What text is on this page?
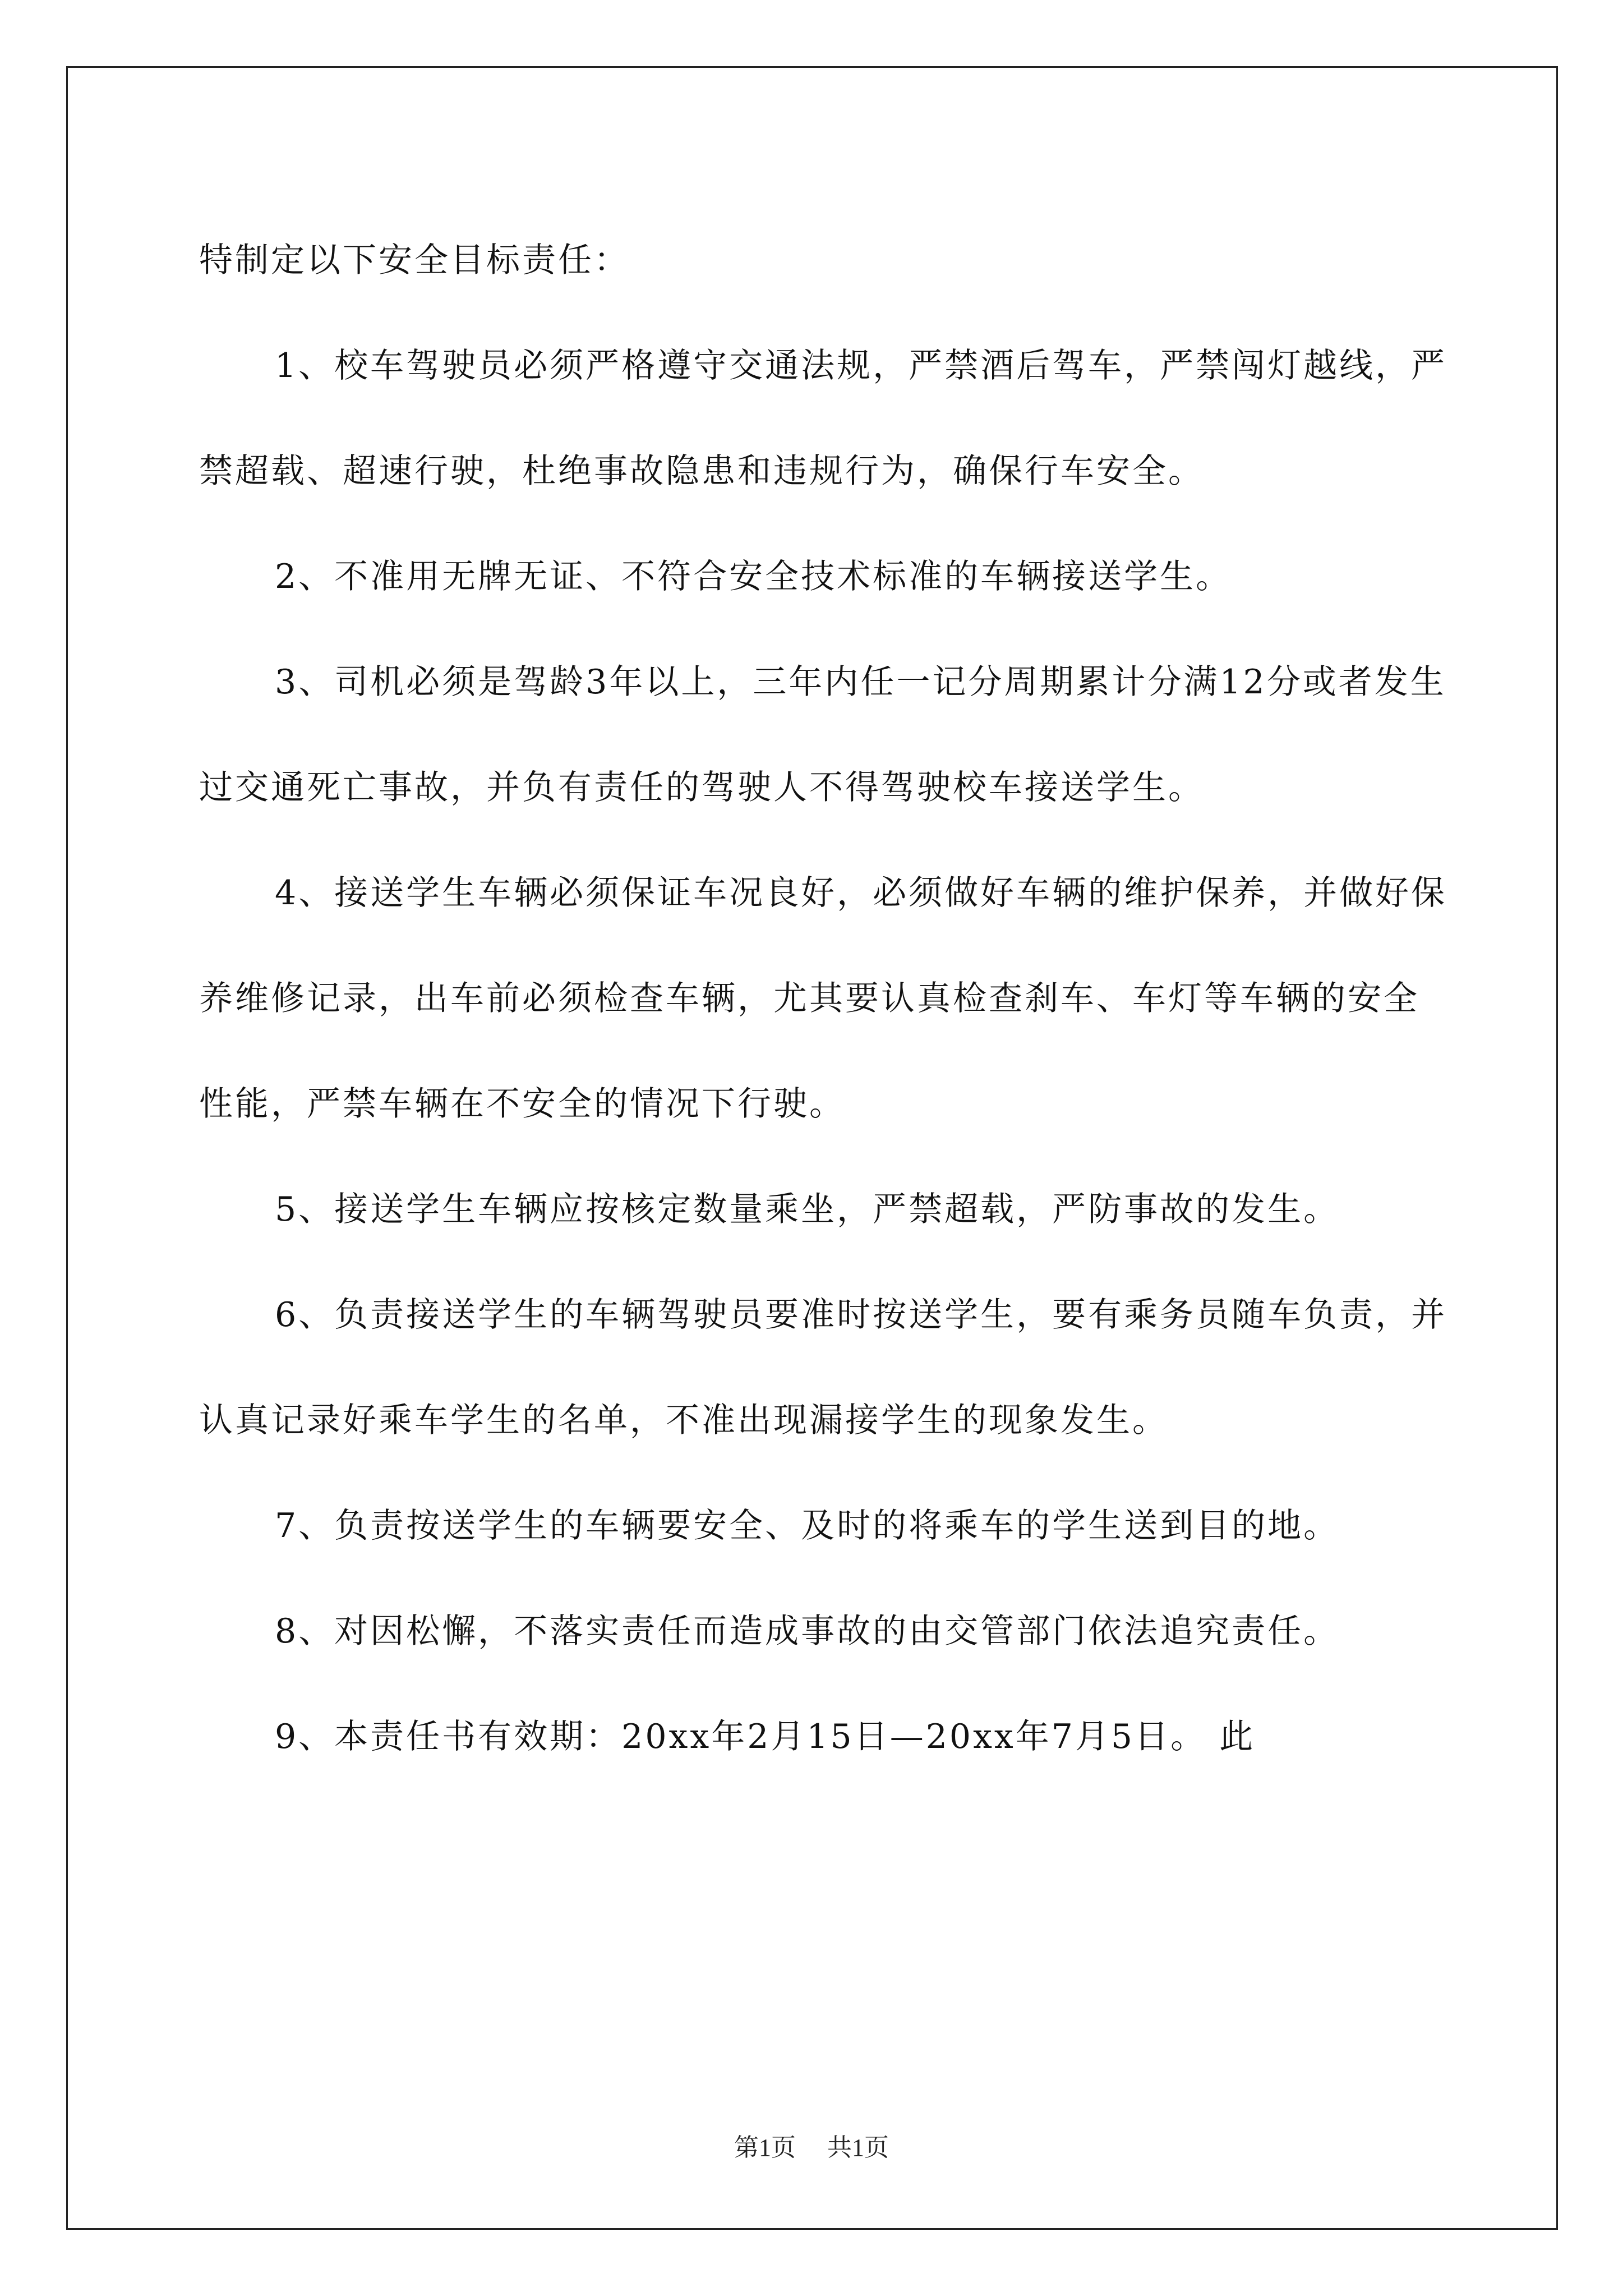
特制定以下安全目标责任：

1、校车驾驶员必须严格遵守交通法规，严禁酒后驾车，严禁闯灯越线，严禁超载、超速行驶，杜绝事故隐患和违规行为，确保行车安全。

2、不准用无牌无证、不符合安全技术标准的车辆接送学生。

3、司机必须是驾龄3年以上，三年内任一记分周期累计分满12分或者发生过交通死亡事故，并负有责任的驾驶人不得驾驶校车接送学生。

4、接送学生车辆必须保证车况良好，必须做好车辆的维护保养，并做好保养维修记录，出车前必须检查车辆，尤其要认真检查刹车、车灯等车辆的安全性能，严禁车辆在不安全的情况下行驶。

5、接送学生车辆应按核定数量乘坐，严禁超载，严防事故的发生。

6、负责接送学生的车辆驾驶员要准时按送学生，要有乘务员随车负责，并认真记录好乘车学生的名单，不准出现漏接学生的现象发生。

7、负责按送学生的车辆要安全、及时的将乘车的学生送到目的地。

8、对因松懈，不落实责任而造成事故的由交管部门依法追究责任。

9、本责任书有效期：20xx年2月15日—20xx年7月5日。 此

第1页 共1页
